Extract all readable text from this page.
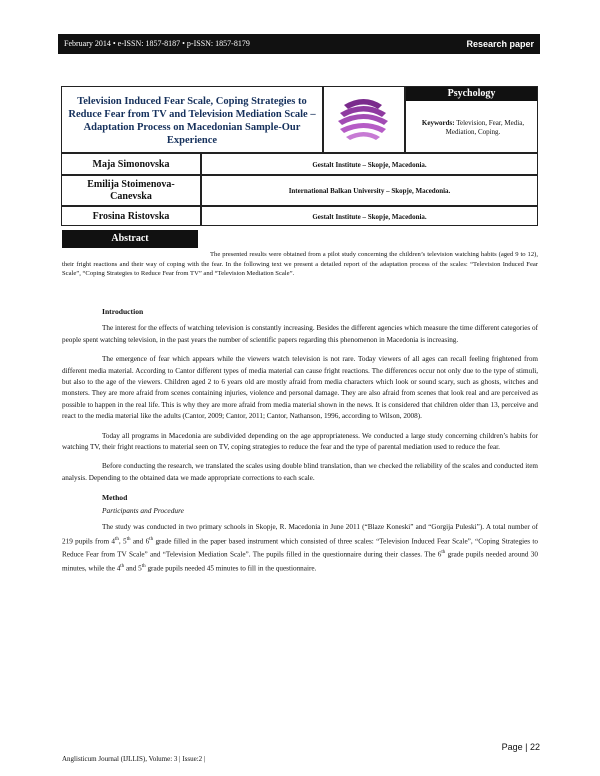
February 2014 • e-ISSN: 1857-8187 • p-ISSN: 1857-8179	Research paper
Television Induced Fear Scale, Coping Strategies to Reduce Fear from TV and Television Mediation Scale – Adaptation Process on Macedonian Sample-Our Experience
Psychology
Keywords: Television, Fear, Media, Mediation, Coping.
Maja Simonovska	Gestalt Institute – Skopje, Macedonia.
Emilija Stoimenova-Canevska	International Balkan University – Skopje, Macedonia.
Frosina Ristovska	Gestalt Institute – Skopje, Macedonia.
Abstract
The presented results were obtained from a pilot study concerning the children’s television watching habits (aged 9 to 12), their fright reactions and their way of coping with the fear. In the following text we present a detailed report of the adaptation process of the scales: “Television Induced Fear Scale”, “Coping Strategies to Reduce Fear from TV” and “Television Mediation Scale”.
Introduction

The interest for the effects of watching television is constantly increasing. Besides the different agencies which measure the time different categories of people spent watching television, in the past years the number of scientific papers regarding this phenomenon in Macedonia is increasing.

The emergence of fear which appears while the viewers watch television is not rare. Today viewers of all ages can recall feeling frightened from different media material. According to Cantor different types of media material can cause fright reactions. The differences occur not only due to the type of stimuli, but also to the age of the viewers. Children aged 2 to 6 years old are mostly afraid from media characters which look or sound scary, such as ghosts, witches and monsters. They are more afraid from scenes containing injuries, violence and personal damage. They are also afraid from scenes that look real and are perceived as possible to happen in the real life. This is why they are more afraid from media material shown in the news. It is considered that children older than 13, perceive and react to the media material like the adults (Cantor, 2009; Cantor, 2011; Cantor, Nathanson, 1996, according to Wilson, 2008).

Today all programs in Macedonia are subdivided depending on the age appropriateness. We conducted a large study concerning children’s habits for watching TV, their fright reactions to material seen on TV, coping strategies to reduce the fear and the type of parental mediation used to reduce the fear.

Before conducting the research, we translated the scales using double blind translation, than we checked the reliability of the scales and conducted item analysis. Depending to the obtained data we made appropriate corrections to each scale.

Method
Participants and Procedure

The study was conducted in two primary schools in Skopje, R. Macedonia in June 2011 (“Blaze Koneski” and “Gorgija Puleski”). A total number of 219 pupils from 4th, 5th and 6th grade filled in the paper based instrument which consisted of three scales: “Television Induced Fear Scale”, “Coping Strategies to Reduce Fear from TV Scale” and “Television Mediation Scale”. The pupils filled in the questionnaire during their classes. The 6th grade pupils needed around 30 minutes, while the 4th and 5th grade pupils needed 45 minutes to fill in the questionnaire.

Page | 22
Anglisticum Journal (IJLLIS), Volume: 3 | Issue:2 |
